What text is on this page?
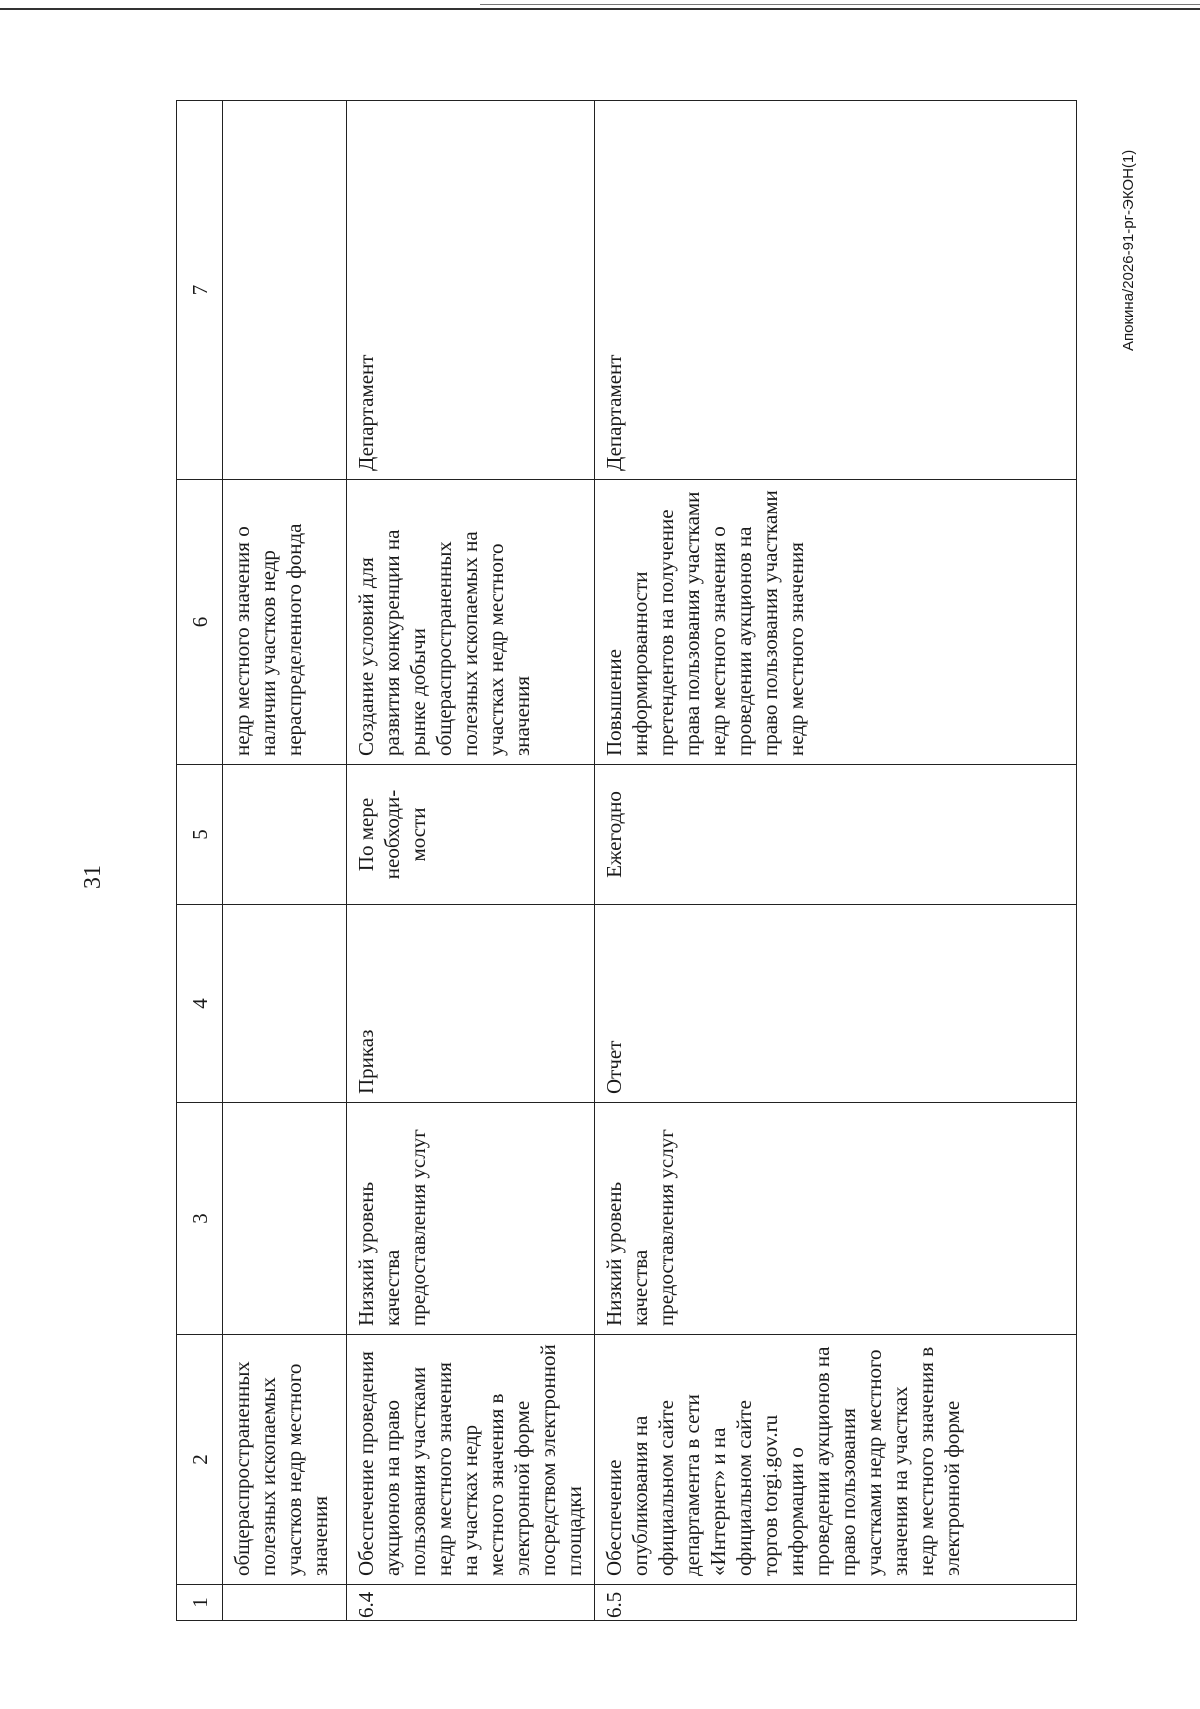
31
1	2	3	4	5	6	7
	общераспространенных полезных ископаемых участков недр местного значения				недр местного значения о наличии участков недр нераспределенного фонда	
6.4	Обеспечение проведения аукционов на право пользования участками недр местного значения на участках недр местного значения в электронной форме посредством электронной площадки	Низкий уровень качества предоставления услуг	Приказ	По мере необходи-мости	Создание условий для развития конкуренции на рынке добычи общераспространенных полезных ископаемых на участках недр местного значения	Департамент
6.5	Обеспечение опубликования на официальном сайте департамента в сети «Интернет» и на официальном сайте торгов torgi.gov.ru информации о проведении аукционов на право пользования участками недр местного значения на участках недр местного значения в электронной форме	Низкий уровень качества предоставления услуг	Отчет	Ежегодно	Повышение информированности претендентов на получение права пользования участками недр местного значения о проведении аукционов на право пользования участками недр местного значения	Департамент
Апокина/2026-91-рг-ЭКОН(1)
